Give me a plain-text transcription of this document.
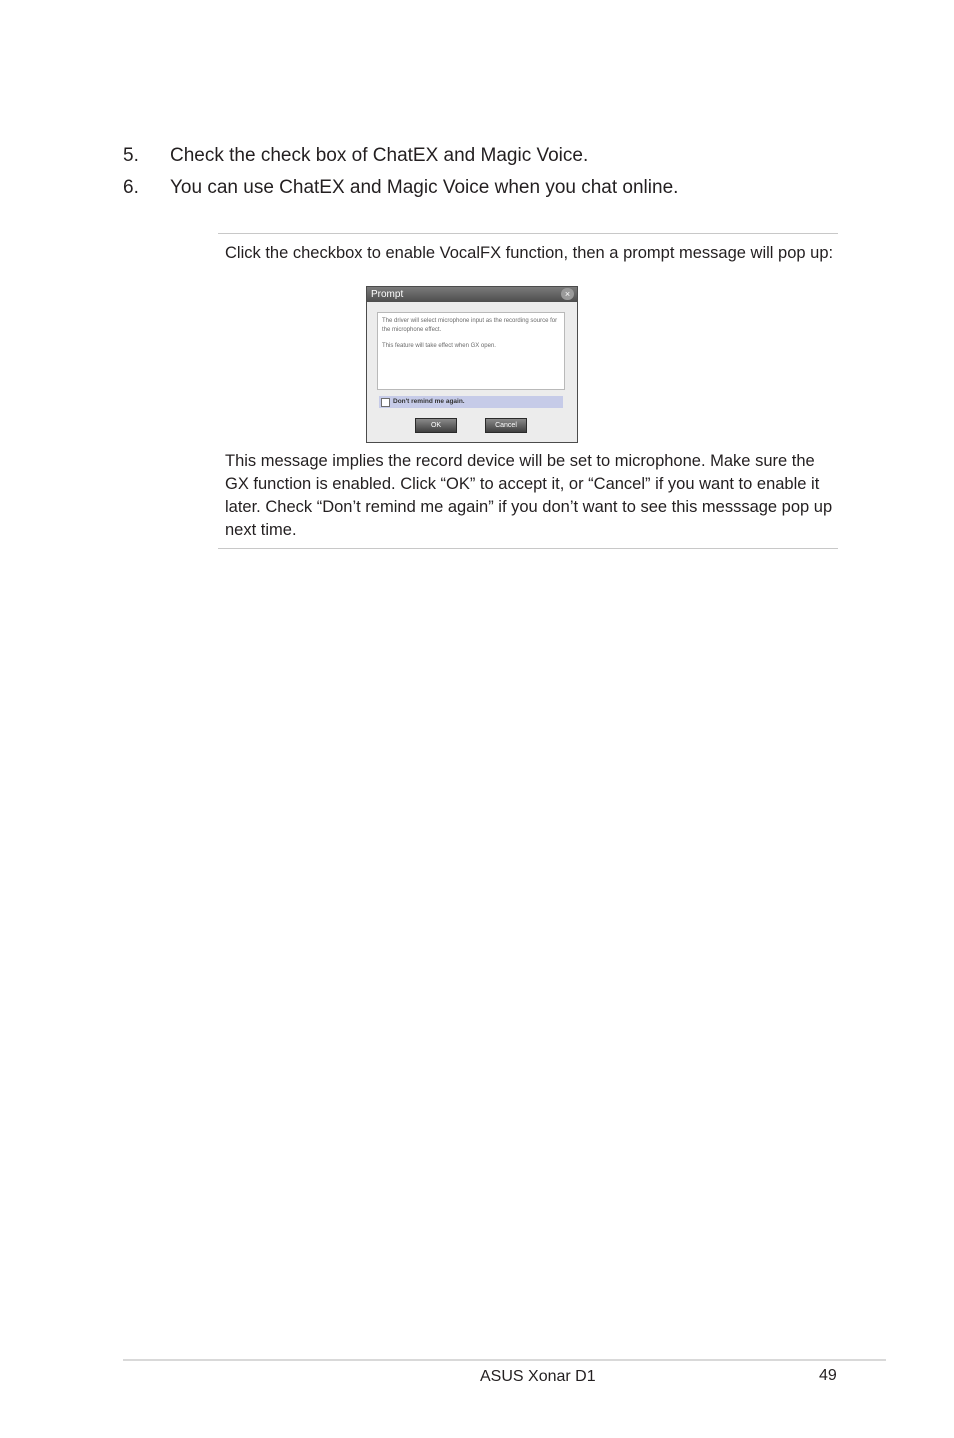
5. Check the check box of ChatEX and Magic Voice.
6. You can use ChatEX and Magic Voice when you chat online.
Click the checkbox to enable VocalFX function, then a prompt message will pop up:
Prompt	×

The driver will select microphone input as the recording source for the microphone effect.

This feature will take effect when GX open.

Don't remind me again.
OK	Cancel
This message implies the record device will be set to microphone. Make sure the GX function is enabled. Click “OK” to accept it, or “Cancel” if you want to enable it later. Check “Don’t remind me again” if you don’t want to see this messsage pop up next time.
ASUS Xonar D1	49
